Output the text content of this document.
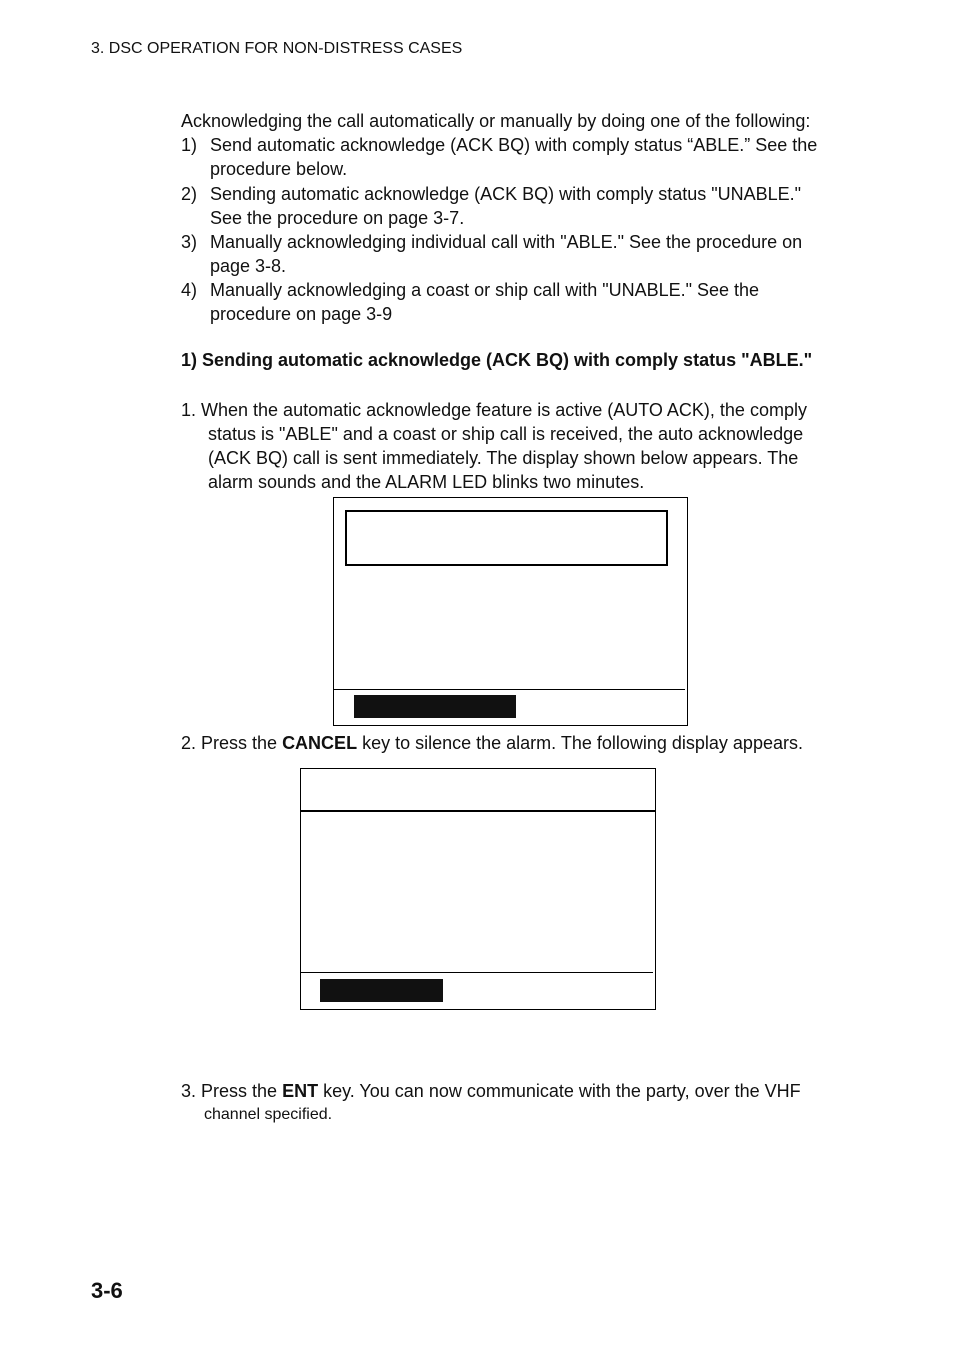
3. DSC OPERATION FOR NON-DISTRESS CASES
Acknowledging the call automatically or manually by doing one of the following:
1) Send automatic acknowledge (ACK BQ) with comply status “ABLE.” See the
procedure below.
2) Sending automatic acknowledge (ACK BQ) with comply status "UNABLE."
See the procedure on page 3-7.
3) Manually acknowledging individual call with "ABLE." See the procedure on
page 3-8.
4) Manually acknowledging a coast or ship call with "UNABLE." See the
procedure on page 3-9
1) Sending automatic acknowledge (ACK BQ) with comply status "ABLE."
1. When the automatic acknowledge feature is active (AUTO ACK), the comply
status is "ABLE" and a coast or ship call is received, the auto acknowledge
(ACK BQ) call is sent immediately. The display shown below appears. The
alarm sounds and the ALARM LED blinks two minutes.
2. Press the CANCEL key to silence the alarm. The following display appears.
3. Press the ENT key. You can now communicate with the party, over the VHF
channel specified.
3-6
